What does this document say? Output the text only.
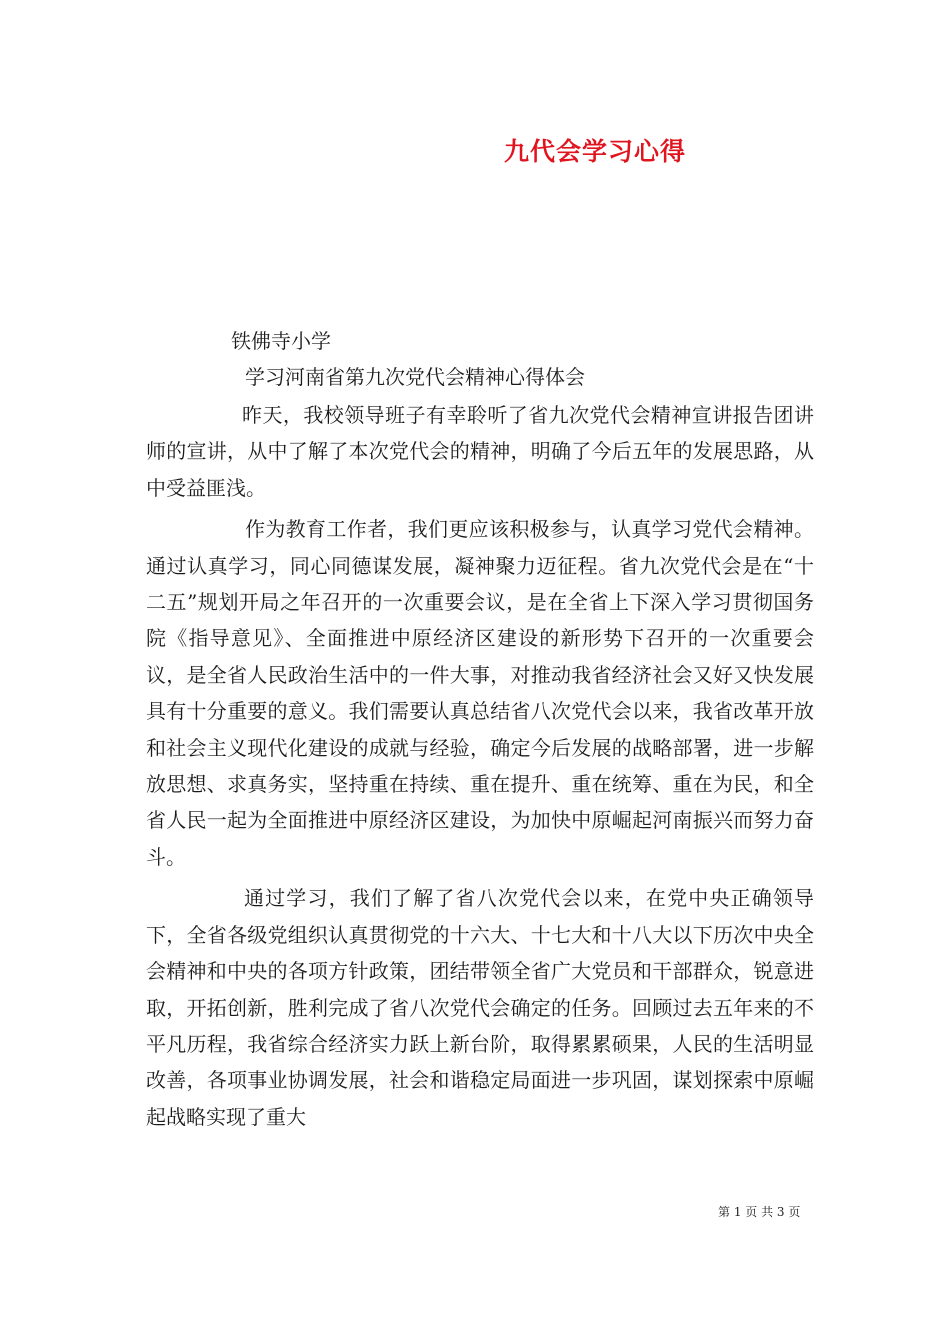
九代会学习心得
铁佛寺小学
学习河南省第九次党代会精神心得体会

昨天，我校领导班子有幸聆听了省九次党代会精神宣讲报告团讲师的宣讲，从中了解了本次党代会的精神，明确了今后五年的发展思路，从中受益匪浅。

作为教育工作者，我们更应该积极参与，认真学习党代会精神。通过认真学习，同心同德谋发展，凝神聚力迈征程。省九次党代会是在“十二五”规划开局之年召开的一次重要会议，是在全省上下深入学习贯彻国务院《指导意见》、全面推进中原经济区建设的新形势下召开的一次重要会议，是全省人民政治生活中的一件大事，对推动我省经济社会又好又快发展具有十分重要的意义。我们需要认真总结省八次党代会以来，我省改革开放和社会主义现代化建设的成就与经验，确定今后发展的战略部署，进一步解放思想、求真务实，坚持重在持续、重在提升、重在统筹、重在为民，和全省人民一起为全面推进中原经济区建设，为加快中原崛起河南振兴而努力奋斗。

通过学习，我们了解了省八次党代会以来，在党中央正确领导下，全省各级党组织认真贯彻党的十六大、十七大和十八大以下历次中央全会精神和中央的各项方针政策，团结带领全省广大党员和干部群众，锐意进取，开拓创新，胜利完成了省八次党代会确定的任务。回顾过去五年来的不平凡历程，我省综合经济实力跃上新台阶，取得累累硕果，人民的生活明显改善，各项事业协调发展，社会和谐稳定局面进一步巩固，谋划探索中原崛起战略实现了重大

第 1 页 共 3 页
